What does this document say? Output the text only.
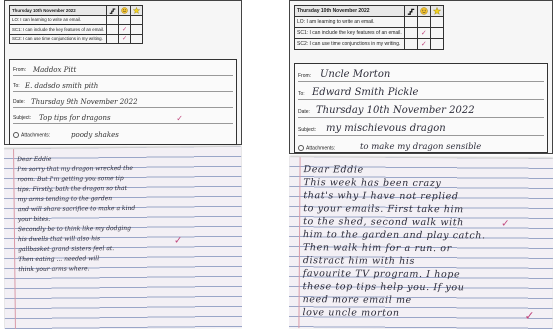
Thursday 10th November 2022			
LO: I can learning to write an email.			
SC1: I can include the key features of an email.		✓	
SC2: I can use time conjunctions in my writing.		✓	
From: Maddox Pitt
To: E. dadsdo smith pith
Date: Thursday 9th November 2022
Subject: Top tips for dragons	✓
Attachments:	poody shakes
Dear Eddie
I'm sorry that my dragon wrecked the
room. But I'm getting you some tip
tips. Firstly, bath the dragon so that
my arms tending to the garden
and will share sacrifice to make a kind
your bites.
Secondly be to think like my dodging
his dwells that will also his
gallbasket grand sisters feel at.
Then eating ... needed will
think your arms where.
✓
Thursday 10th November 2022			
LO: I am learning to write an email.			
SC1: I can include the key features of an email.		✓	
SC2: I can use time conjunctions in my writing.		✓	
From: Uncle Morton
To: Edward Smith Pickle
Date: Thursday 10th November 2022
Subject: my mischievous dragon
Attachments:	to make my dragon sensible
Dear Eddie
This week has been crazy
that's why I have not replied
to your emails. First take him
to the shed, second walk with
him to the garden and play catch.
Then walk him for a run. or
distract him with his
favourite TV program. I hope
these top tips help you. If you
need more email me
love uncle morton
✓
✓
